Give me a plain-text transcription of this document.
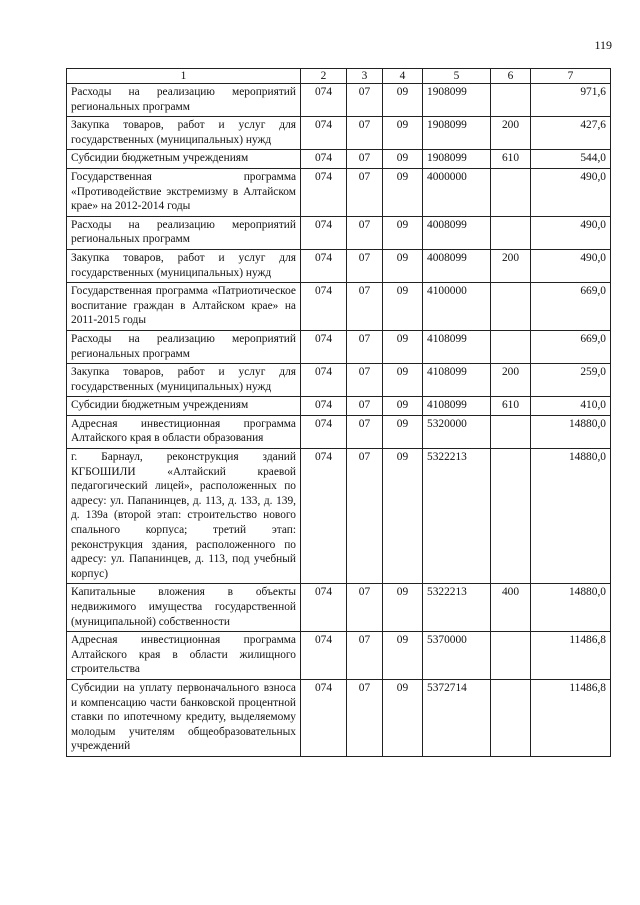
119
1	2	3	4	5	6	7
Расходы на реализацию мероприятий региональных программ	074	07	09	1908099		971,6
Закупка товаров, работ и услуг для государственных (муниципальных) нужд	074	07	09	1908099	200	427,6
Субсидии бюджетным учреждениям	074	07	09	1908099	610	544,0
Государственная программа «Противодействие экстремизму в Алтайском крае» на 2012-2014 годы	074	07	09	4000000		490,0
Расходы на реализацию мероприятий региональных программ	074	07	09	4008099		490,0
Закупка товаров, работ и услуг для государственных (муниципальных) нужд	074	07	09	4008099	200	490,0
Государственная программа «Патриотическое воспитание граждан в Алтайском крае» на 2011-2015 годы	074	07	09	4100000		669,0
Расходы на реализацию мероприятий региональных программ	074	07	09	4108099		669,0
Закупка товаров, работ и услуг для государственных (муниципальных) нужд	074	07	09	4108099	200	259,0
Субсидии бюджетным учреждениям	074	07	09	4108099	610	410,0
Адресная инвестиционная программа Алтайского края в области образования	074	07	09	5320000		14880,0
г. Барнаул, реконструкция зданий КГБОШИЛИ «Алтайский краевой педагогический лицей», расположенных по адресу: ул. Папанинцев, д. 113, д. 133, д. 139, д. 139а (второй этап: строительство нового спального корпуса; третий этап: реконструкция здания, расположенного по адресу: ул. Папанинцев, д. 113, под учебный корпус)	074	07	09	5322213		14880,0
Капитальные вложения в объекты недвижимого имущества государственной (муниципальной) собственности	074	07	09	5322213	400	14880,0
Адресная инвестиционная программа Алтайского края в области жилищного строительства	074	07	09	5370000		11486,8
Субсидии на уплату первоначального взноса и компенсацию части банковской процентной ставки по ипотечному кредиту, выделяемому молодым учителям общеобразовательных учреждений	074	07	09	5372714		11486,8
